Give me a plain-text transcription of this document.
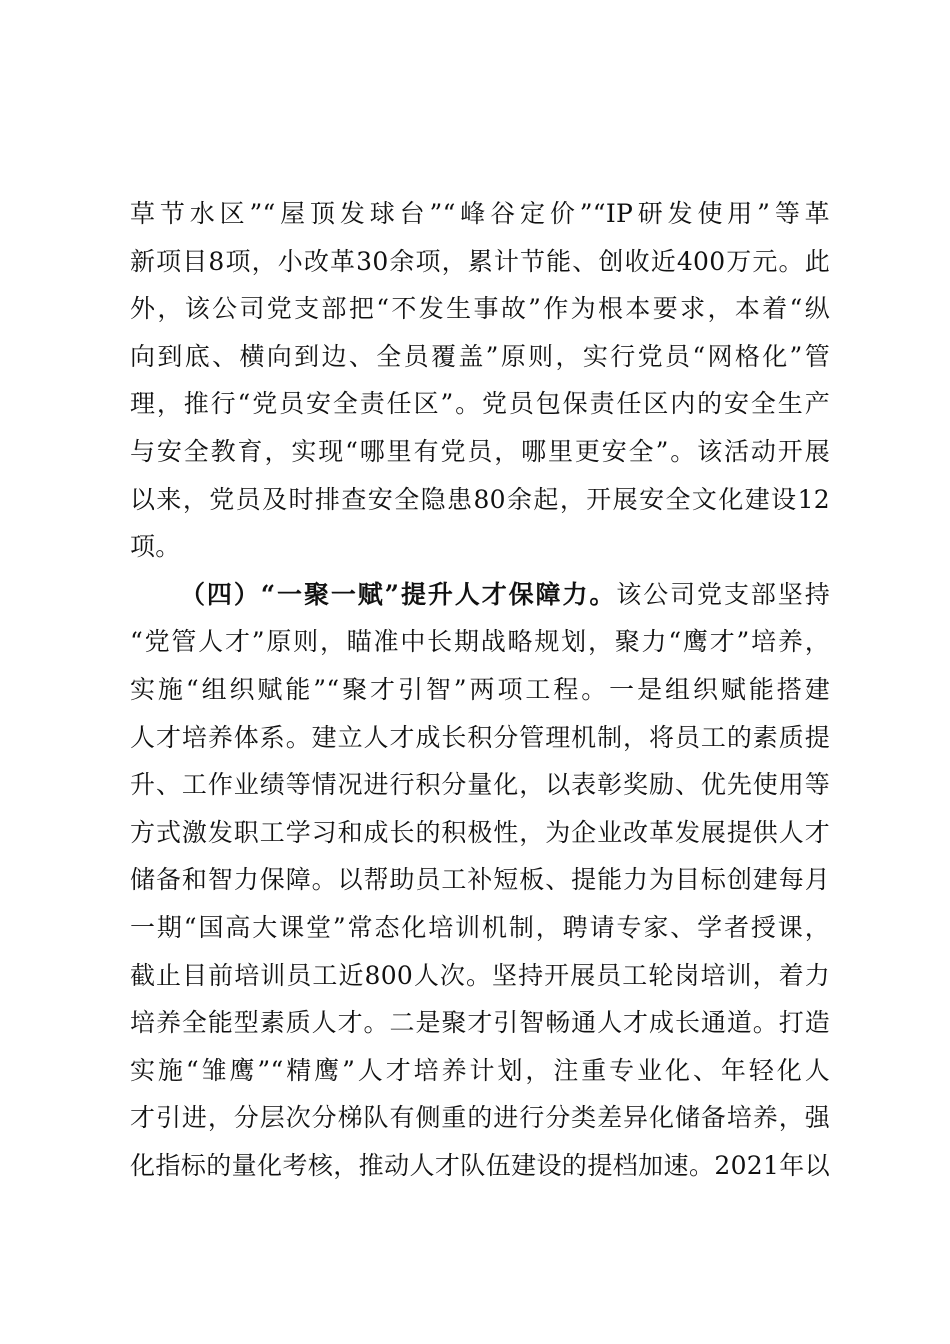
草节水区”“屋顶发球台”“峰谷定价”“IP研发使用”等革
新项目8项，小改革30余项，累计节能、创收近400万元。此
外，该公司党支部把“不发生事故”作为根本要求，本着“纵
向到底、横向到边、全员覆盖”原则，实行党员“网格化”管
理，推行“党员安全责任区”。党员包保责任区内的安全生产
与安全教育，实现“哪里有党员，哪里更安全”。该活动开展
以来，党员及时排查安全隐患80余起，开展安全文化建设12
项。
（四）“一聚一赋”提升人才保障力。该公司党支部坚持
“党管人才”原则，瞄准中长期战略规划，聚力“鹰才”培养，
实施“组织赋能”“聚才引智”两项工程。一是组织赋能搭建
人才培养体系。建立人才成长积分管理机制，将员工的素质提
升、工作业绩等情况进行积分量化，以表彰奖励、优先使用等
方式激发职工学习和成长的积极性，为企业改革发展提供人才
储备和智力保障。以帮助员工补短板、提能力为目标创建每月
一期“国高大课堂”常态化培训机制，聘请专家、学者授课，
截止目前培训员工近800人次。坚持开展员工轮岗培训，着力
培养全能型素质人才。二是聚才引智畅通人才成长通道。打造
实施“雏鹰”“精鹰”人才培养计划，注重专业化、年轻化人
才引进，分层次分梯队有侧重的进行分类差异化储备培养，强
化指标的量化考核，推动人才队伍建设的提档加速。2021年以
